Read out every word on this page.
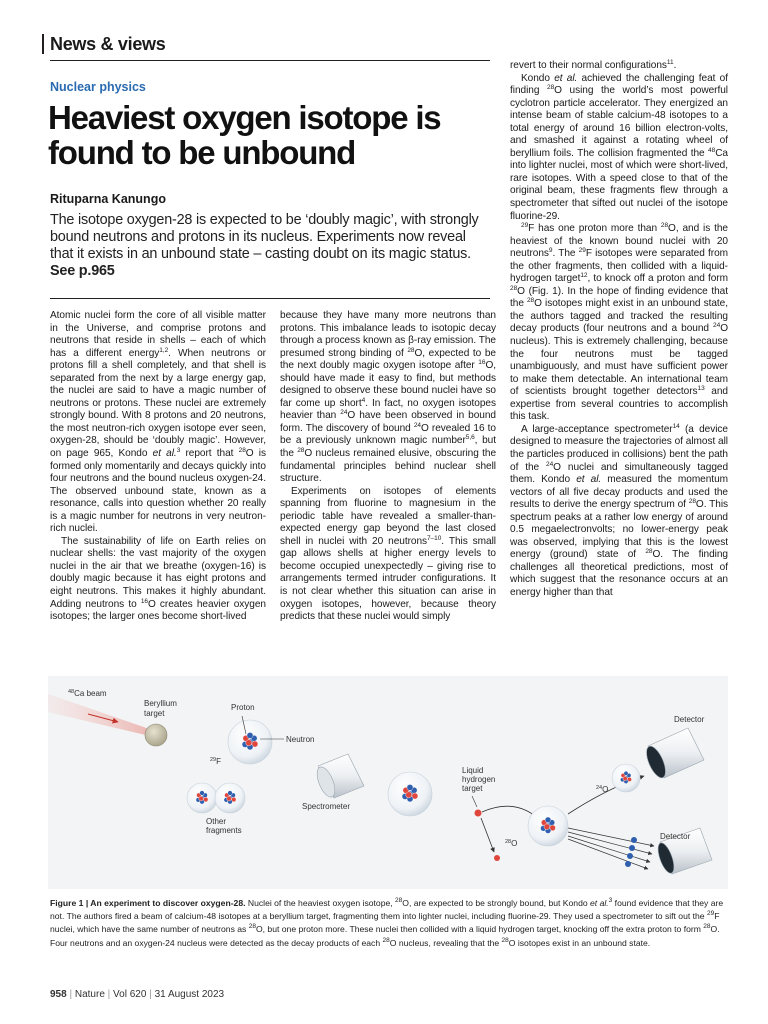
News & views
Nuclear physics
Heaviest oxygen isotope is found to be unbound
Rituparna Kanungo
The isotope oxygen-28 is expected to be ‘doubly magic’, with strongly bound neutrons and protons in its nucleus. Experiments now reveal that it exists in an unbound state – casting doubt on its magic status. See p.965

Atomic nuclei form the core of all visible matter in the Universe, and comprise protons and neutrons that reside in shells – each of which has a different energy$^{1,2}$. When neutrons or protons fill a shell completely, and that shell is separated from the next by a large energy gap, the nuclei are said to have a magic number of neutrons or protons. These nuclei are extremely strongly bound. With 8 protons and 20 neutrons, the most neutron-rich oxygen isotope ever seen, oxygen-28, should be ‘doubly magic’. However, on page 965, Kondo et al.$^3$ report that $^{28}$O is formed only momentarily and decays quickly into four neutrons and the bound nucleus oxygen-24. The observed unbound state, known as a resonance, calls into question whether 20 really is a magic number for neutrons in very neutron-rich nuclei.

The sustainability of life on Earth relies on nuclear shells: the vast majority of the oxygen nuclei in the air that we breathe (oxygen-16) is doubly magic because it has eight protons and eight neutrons. This makes it highly abundant. Adding neutrons to $^{16}$O creates heavier oxygen isotopes; the larger ones become short-lived

because they have many more neutrons than protons. This imbalance leads to isotopic decay through a process known as β-ray emission. The presumed strong binding of $^{28}$O, expected to be the next doubly magic oxygen isotope after $^{16}$O, should have made it easy to find, but methods designed to observe these bound nuclei have so far come up short$^4$. In fact, no oxygen isotopes heavier than $^{24}$O have been observed in bound form. The discovery of bound $^{24}$O revealed 16 to be a previously unknown magic number$^{5,6}$, but the $^{28}$O nucleus remained elusive, obscuring the fundamental principles behind nuclear shell structure.

Experiments on isotopes of elements spanning from fluorine to magnesium in the periodic table have revealed a smaller-than-expected energy gap beyond the last closed shell in nuclei with 20 neutrons$^{7-10}$. This small gap allows shells at higher energy levels to become occupied unexpectedly – giving rise to arrangements termed intruder configurations. It is not clear whether this situation can arise in oxygen isotopes, however, because theory predicts that these nuclei would simply

revert to their normal configurations$^{11}$.

Kondo et al. achieved the challenging feat of finding $^{28}$O using the world’s most powerful cyclotron particle accelerator. They energized an intense beam of stable calcium-48 isotopes to a total energy of around 16 billion electron-volts, and smashed it against a rotating wheel of beryllium foils. The collision fragmented the $^{48}$Ca into lighter nuclei, most of which were short-lived, rare isotopes. With a speed close to that of the original beam, these fragments flew through a spectrometer that sifted out nuclei of the isotope fluorine-29.

$^{29}$F has one proton more than $^{28}$O, and is the heaviest of the known bound nuclei with 20 neutrons$^9$. The $^{29}$F isotopes were separated from the other fragments, then collided with a liquid-hydrogen target$^{12}$, to knock off a proton and form $^{28}$O (Fig. 1). In the hope of finding evidence that the $^{28}$O isotopes might exist in an unbound state, the authors tagged and tracked the resulting decay products (four neutrons and a bound $^{24}$O nucleus). This is extremely challenging, because the four neutrons must be tagged unambiguously, and must have sufficient power to make them detectable. An international team of scientists brought together detectors$^{13}$ and expertise from several countries to accomplish this task.

A large-acceptance spectrometer$^{14}$ (a device designed to measure the trajectories of almost all the particles produced in collisions) bent the path of the $^{24}$O nuclei and simultaneously tagged them. Kondo et al. measured the momentum vectors of all five decay products and used the results to derive the energy spectrum of $^{28}$O. This spectrum peaks at a rather low energy of around 0.5 megaelectronvolts; no lower-energy peak was observed, implying that this is the lowest energy (ground) state of $^{28}$O. The finding challenges all theoretical predictions, most of which suggest that the resonance occurs at an energy higher than that

$^{48}$Ca beam
Beryllium
target
Proton
Neutron
$^{29}$F
Other
fragments
Spectrometer
Liquid
hydrogen
target
$^{28}$O
$^{24}$O
Detector
Detector
Figure 1 | An experiment to discover oxygen-28. Nuclei of the heaviest oxygen isotope, $^{28}$O, are expected to be strongly bound, but Kondo et al.$^3$ found evidence that they are not. The authors fired a beam of calcium-48 isotopes at a beryllium target, fragmenting them into lighter nuclei, including fluorine-29. They used a spectrometer to sift out the $^{29}$F nuclei, which have the same number of neutrons as $^{28}$O, but one proton more. These nuclei then collided with a liquid hydrogen target, knocking off the extra proton to form $^{28}$O. Four neutrons and an oxygen-24 nucleus were detected as the decay products of each $^{28}$O nucleus, revealing that the $^{28}$O isotopes exist in an unbound state.
958 | Nature | Vol 620 | 31 August 2023
